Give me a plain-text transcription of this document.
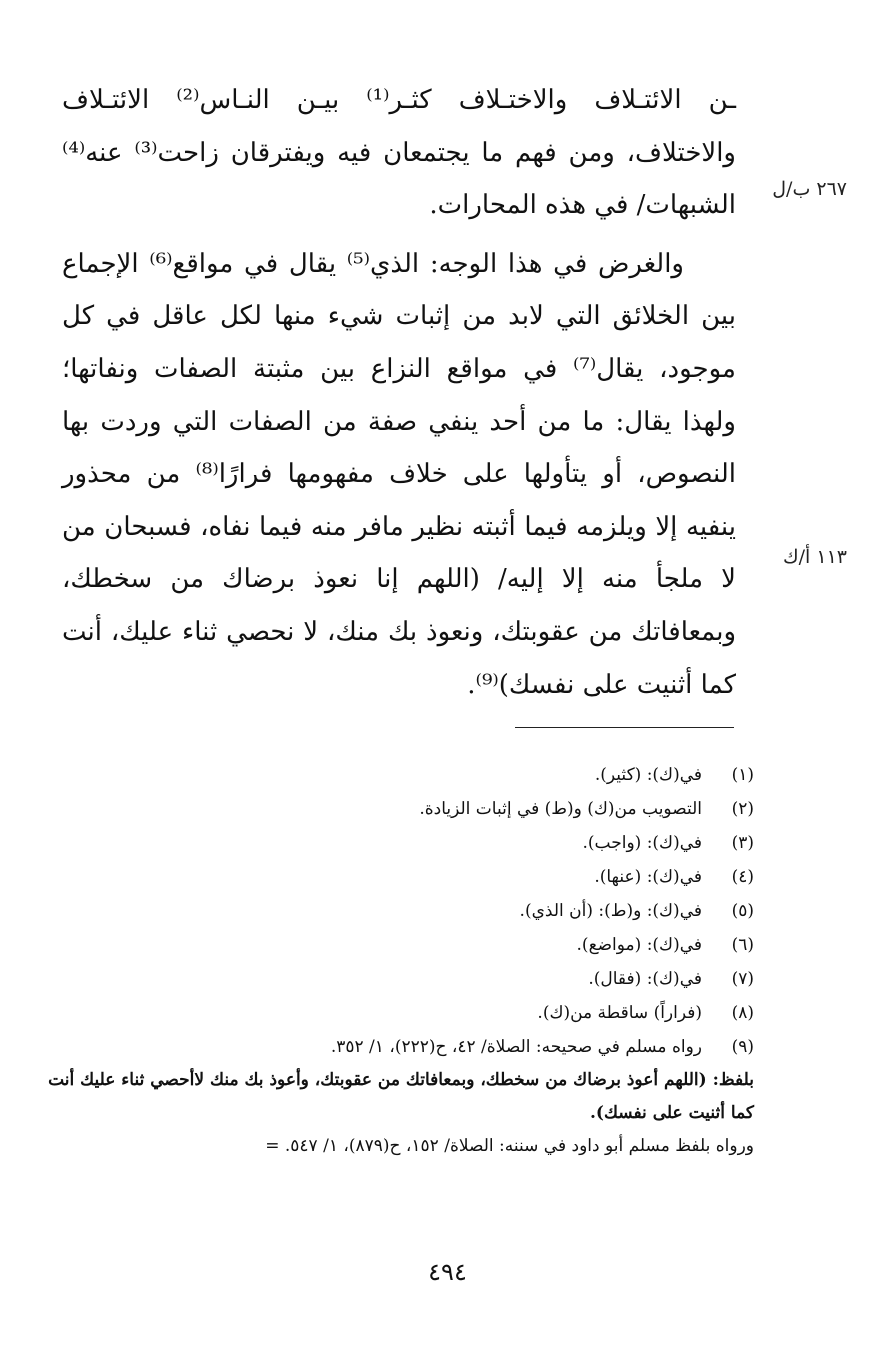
ـن الائتـلاف والاختـلاف كثـر⁽¹⁾ بيـن النـاس⁽²⁾ الائتـلاف والاختلاف، ومن فهم ما يجتمعان فيه ويفترقان زاحت⁽³⁾ عنه⁽⁴⁾ الشبهات/ في هذه المحارات.

والغرض في هذا الوجه: الذي⁽⁵⁾ يقال في مواقع⁽⁶⁾ الإجماع بين الخلائق التي لابد من إثبات شيء منها لكل عاقل في كل موجود، يقال⁽⁷⁾ في مواقع النزاع بين مثبتة الصفات ونفاتها؛ ولهذا يقال: ما من أحد ينفي صفة من الصفات التي وردت بها النصوص، أو يتأولها على خلاف مفهومها فرارًا⁽⁸⁾ من محذور ينفيه إلا ويلزمه فيما أثبته نظير مافر منه فيما نفاه، فسبحان من لا ملجأ منه إلا إليه/ (اللهم إنا نعوذ برضاك من سخطك، وبمعافاتك من عقوبتك، ونعوذ بك منك، لا نحصي ثناء عليك، أنت كما أثنيت على نفسك)⁽⁹⁾.

٢٦٧ ب/ل
١١٣ أ/ك
(١)
في(ك): (كثير).
(٢)
التصويب من(ك) و(ط) في إثبات الزيادة.
(٣)
في(ك): (واجب).
(٤)
في(ك): (عنها).
(٥)
في(ك): و(ط): (أن الذي).
(٦)
في(ك): (مواضع).
(٧)
في(ك): (فقال).
(٨)
(فراراً) ساقطة من(ك).
(٩)
رواه مسلم في صحيحه: الصلاة/ ٤٢، ح(٢٢٢)، ١/ ٣٥٢.
بلفظ: (اللهم أعوذ برضاك من سخطك، وبمعافاتك من عقوبتك، وأعوذ بك منك لاأحصي ثناء عليك أنت كما أثنيت على نفسك).
ورواه بلفظ مسلم أبو داود في سننه: الصلاة/ ١٥٢، ح(٨٧٩)، ١/ ٥٤٧. =
٤٩٤
